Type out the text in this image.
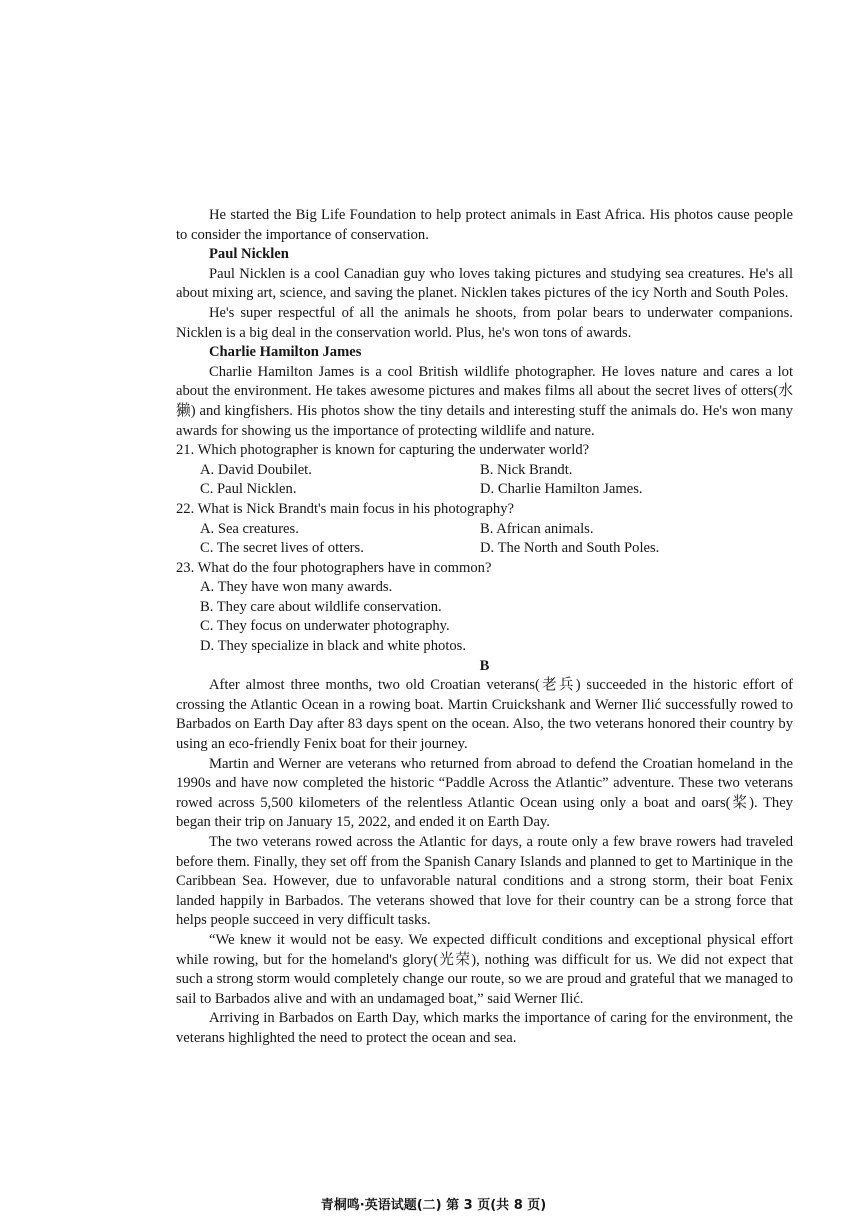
He started the Big Life Foundation to help protect animals in East Africa. His photos cause people to consider the importance of conservation.

Paul Nicklen

Paul Nicklen is a cool Canadian guy who loves taking pictures and studying sea creatures. He's all about mixing art, science, and saving the planet. Nicklen takes pictures of the icy North and South Poles.

He's super respectful of all the animals he shoots, from polar bears to underwater companions. Nicklen is a big deal in the conservation world. Plus, he's won tons of awards.

Charlie Hamilton James

Charlie Hamilton James is a cool British wildlife photographer. He loves nature and cares a lot about the environment. He takes awesome pictures and makes films all about the secret lives of otters(水獭) and kingfishers. His photos show the tiny details and interesting stuff the animals do. He's won many awards for showing us the importance of protecting wildlife and nature.

21. Which photographer is known for capturing the underwater world?

A. David Doubilet.	B. Nick Brandt.
C. Paul Nicklen.	D. Charlie Hamilton James.

22. What is Nick Brandt's main focus in his photography?

A. Sea creatures.	B. African animals.
C. The secret lives of otters.	D. The North and South Poles.

23. What do the four photographers have in common?

A. They have won many awards.

B. They care about wildlife conservation.

C. They focus on underwater photography.

D. They specialize in black and white photos.

B

After almost three months, two old Croatian veterans(老兵) succeeded in the historic effort of crossing the Atlantic Ocean in a rowing boat. Martin Cruickshank and Werner Ilić successfully rowed to Barbados on Earth Day after 83 days spent on the ocean. Also, the two veterans honored their country by using an eco-friendly Fenix boat for their journey.

Martin and Werner are veterans who returned from abroad to defend the Croatian homeland in the 1990s and have now completed the historic “Paddle Across the Atlantic” adventure. These two veterans rowed across 5,500 kilometers of the relentless Atlantic Ocean using only a boat and oars(桨). They began their trip on January 15, 2022, and ended it on Earth Day.

The two veterans rowed across the Atlantic for days, a route only a few brave rowers had traveled before them. Finally, they set off from the Spanish Canary Islands and planned to get to Martinique in the Caribbean Sea. However, due to unfavorable natural conditions and a strong storm, their boat Fenix landed happily in Barbados. The veterans showed that love for their country can be a strong force that helps people succeed in very difficult tasks.

“We knew it would not be easy. We expected difficult conditions and exceptional physical effort while rowing, but for the homeland's glory(光荣), nothing was difficult for us. We did not expect that such a strong storm would completely change our route, so we are proud and grateful that we managed to sail to Barbados alive and with an undamaged boat,” said Werner Ilić.

Arriving in Barbados on Earth Day, which marks the importance of caring for the environment, the veterans highlighted the need to protect the ocean and sea.

青桐鸣·英语试题(二) 第 3 页(共 8 页)
